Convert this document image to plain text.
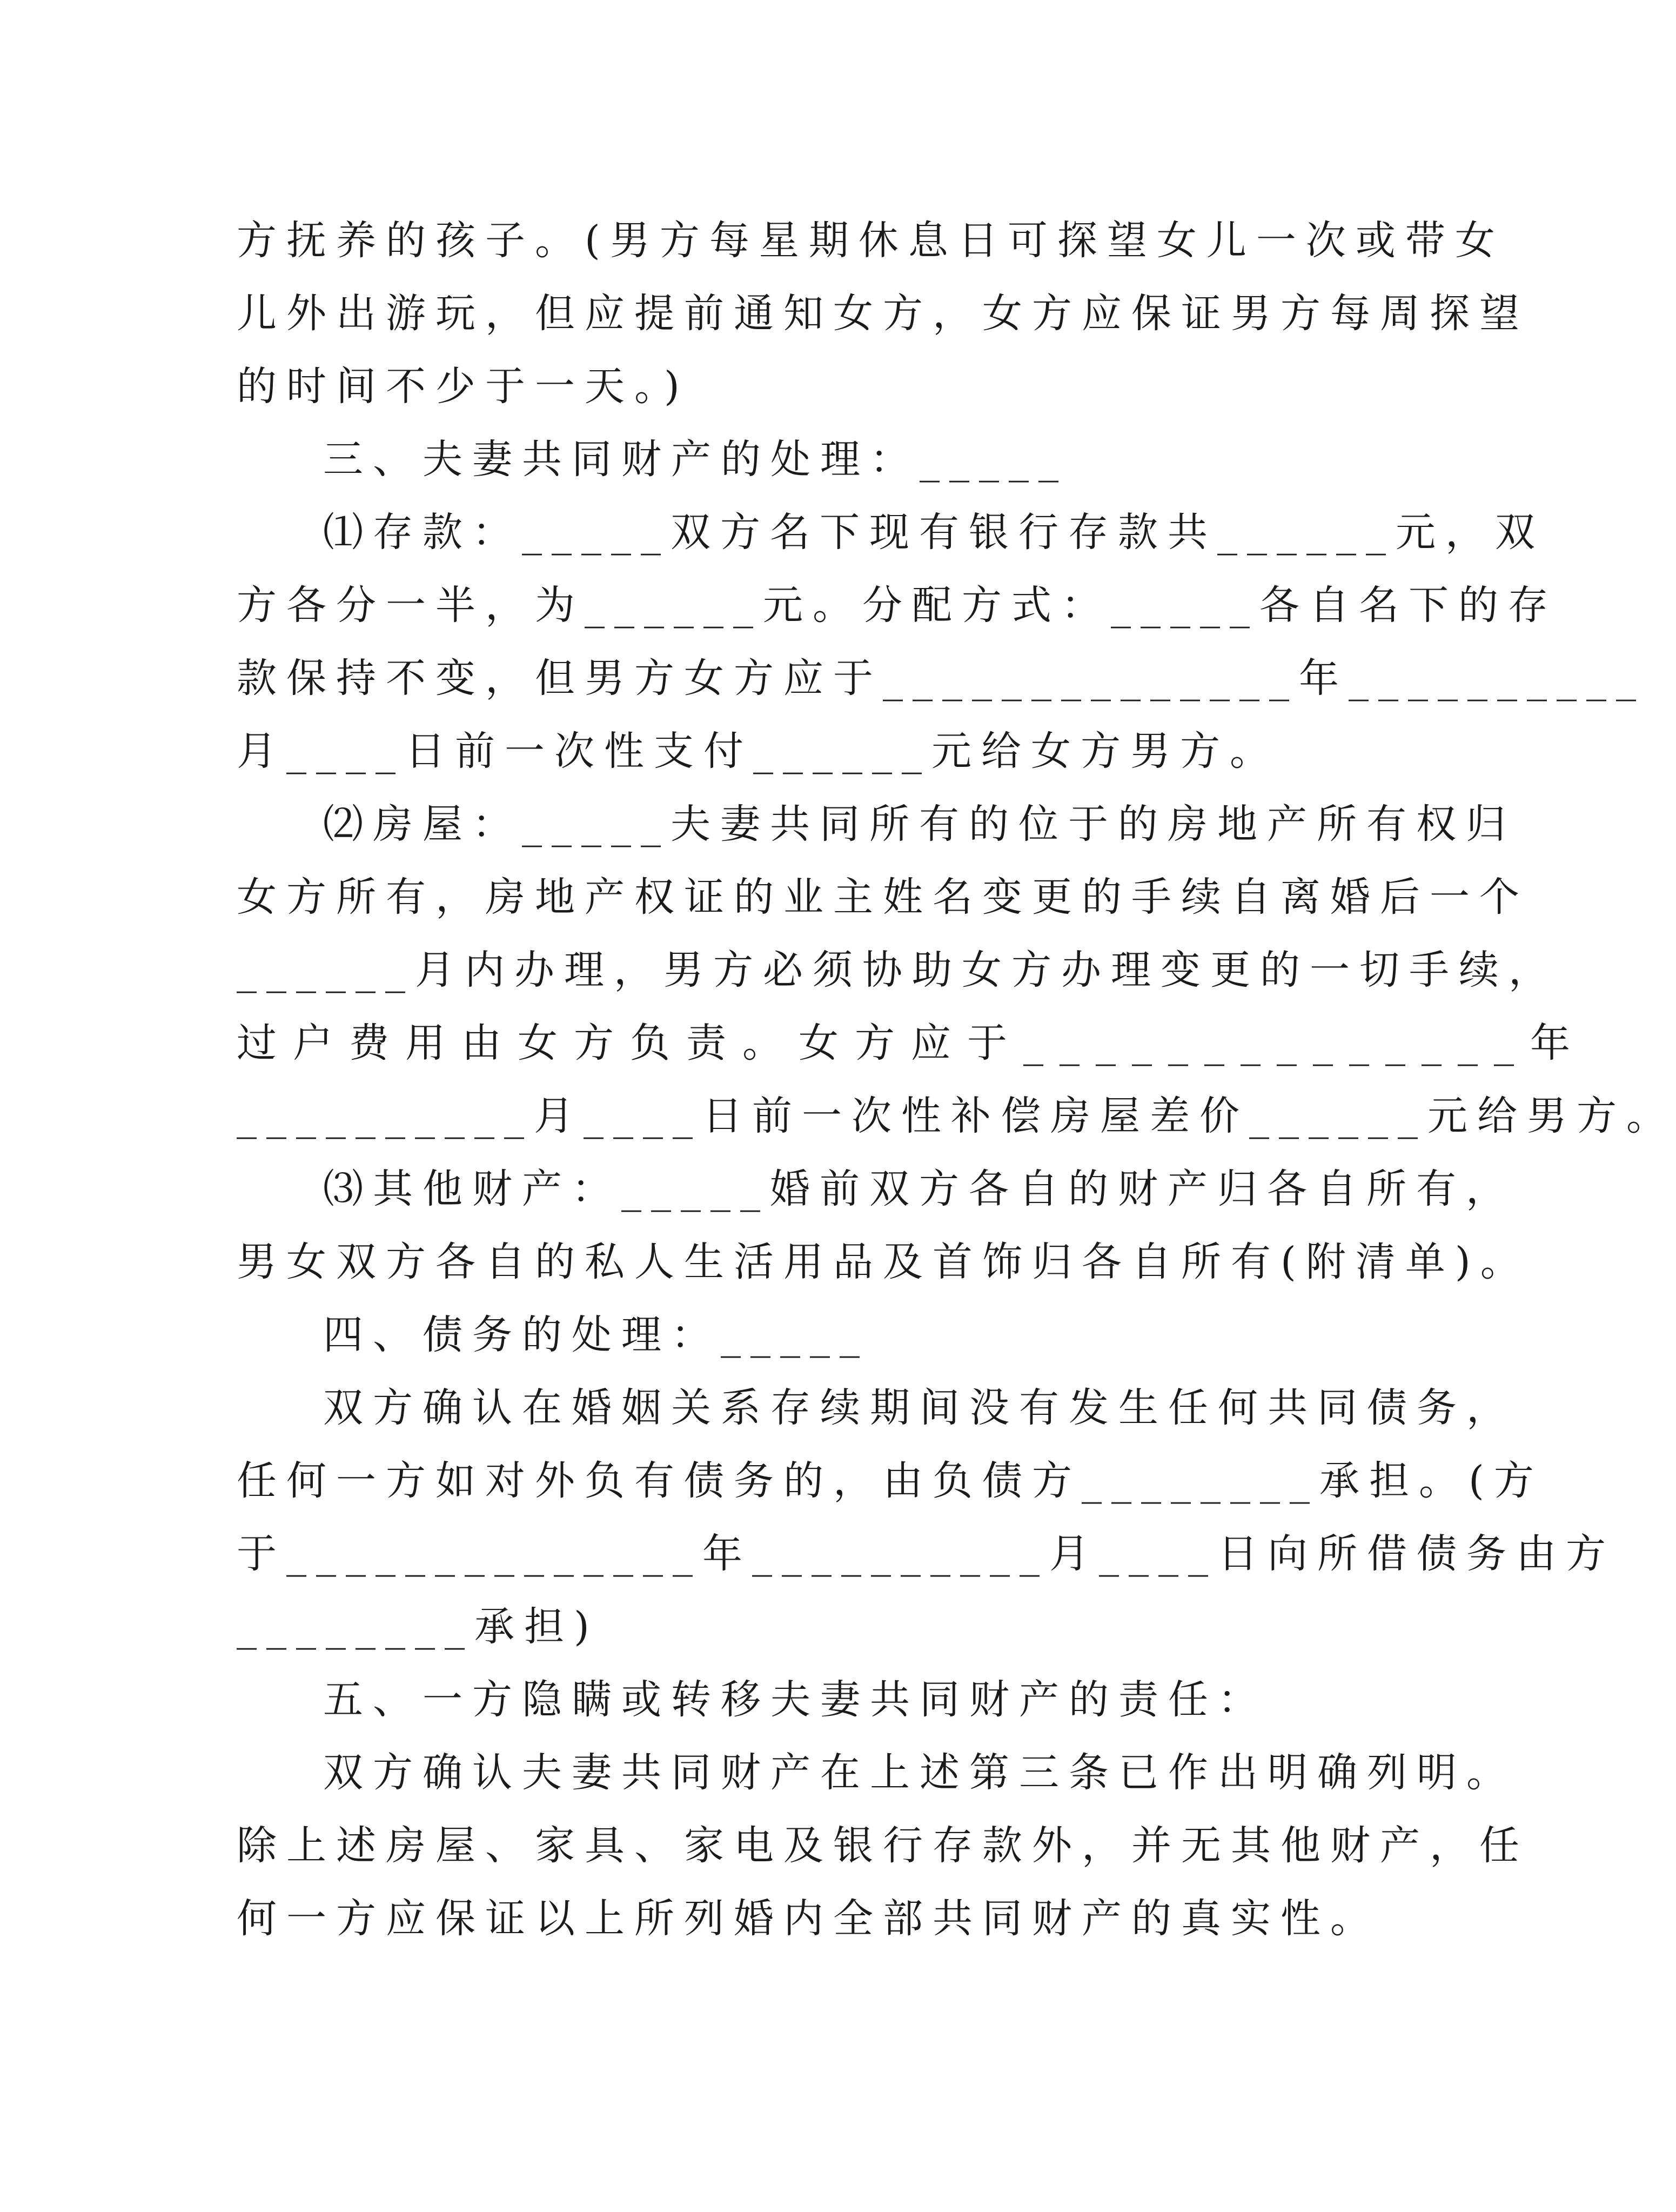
方抚养的孩子。(男方每星期休息日可探望女儿一次或带女
儿外出游玩，但应提前通知女方，女方应保证男方每周探望
的时间不少于一天。)
三、夫妻共同财产的处理：_____
⑴存款：_____双方名下现有银行存款共______元，双
方各分一半，为______元。分配方式：_____各自名下的存
款保持不变，但男方女方应于______________年__________
月____日前一次性支付______元给女方男方。
⑵房屋：_____夫妻共同所有的位于的房地产所有权归
女方所有，房地产权证的业主姓名变更的手续自离婚后一个
______月内办理，男方必须协助女方办理变更的一切手续，
过户费用由女方负责。女方应于______________年
__________月____日前一次性补偿房屋差价______元给男方。
⑶其他财产：_____婚前双方各自的财产归各自所有，
男女双方各自的私人生活用品及首饰归各自所有(附清单)。
四、债务的处理：_____
双方确认在婚姻关系存续期间没有发生任何共同债务，
任何一方如对外负有债务的，由负债方________承担。(方
于______________年__________月____日向所借债务由方
________承担)
五、一方隐瞒或转移夫妻共同财产的责任：
双方确认夫妻共同财产在上述第三条已作出明确列明。
除上述房屋、家具、家电及银行存款外，并无其他财产，任
何一方应保证以上所列婚内全部共同财产的真实性。
